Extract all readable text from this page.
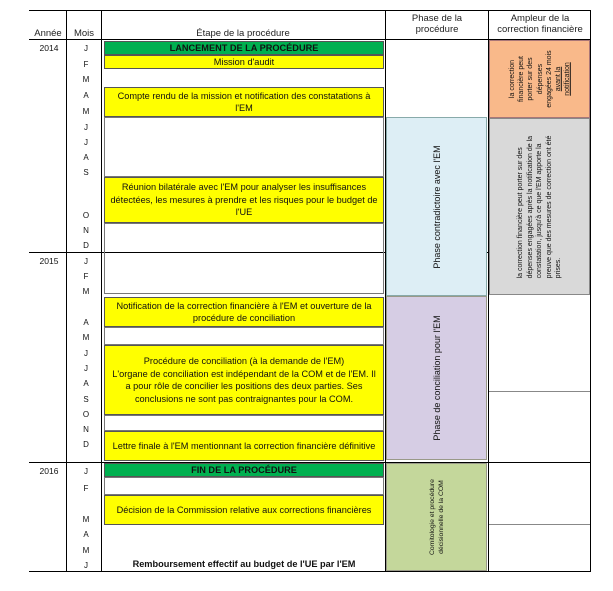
Année	Mois	Étape de la procédure
Phase de la procédure
Ampleur de la correction financière
2014
2015
2016
J
F
M
A
M
J
J
A
S
O
N
D
J
F
M
A
M
J
J
A
S
O
N
D
J
F
M
A
M
J
LANCEMENT DE LA PROCÉDURE
Mission d'audit
Compte rendu de la mission et notification des constatations à l'EM
Réunion bilatérale avec l'EM pour analyser les insuffisances détectées, les mesures à prendre et les risques pour le budget de l'UE
Notification de la correction financière à l'EM et ouverture de la procédure de conciliation
Procédure de conciliation (à la demande de l'EM)
L'organe de conciliation est indépendant de la COM et de l'EM. Il a pour rôle de concilier les positions des deux parties. Ses conclusions ne sont pas contraignantes pour la COM.
Lettre finale à l'EM mentionnant la correction financière définitive
FIN DE LA PROCÉDURE
Décision de la Commission relative aux corrections financières
Remboursement effectif au budget de l'UE par l'EM
Phase contradictoire avec l'EM
Phase de conciliation pour l'EM
Comitologie et procédure décisionnelle de la COM
la correction financière peut porter sur des dépenses engagées 24 mois avant la notification
la correction financière peut porter sur des dépenses engagées après la notification de la constatation, jusqu'à ce que l'EM apporte la preuve que des mesures de correction ont été prises.
